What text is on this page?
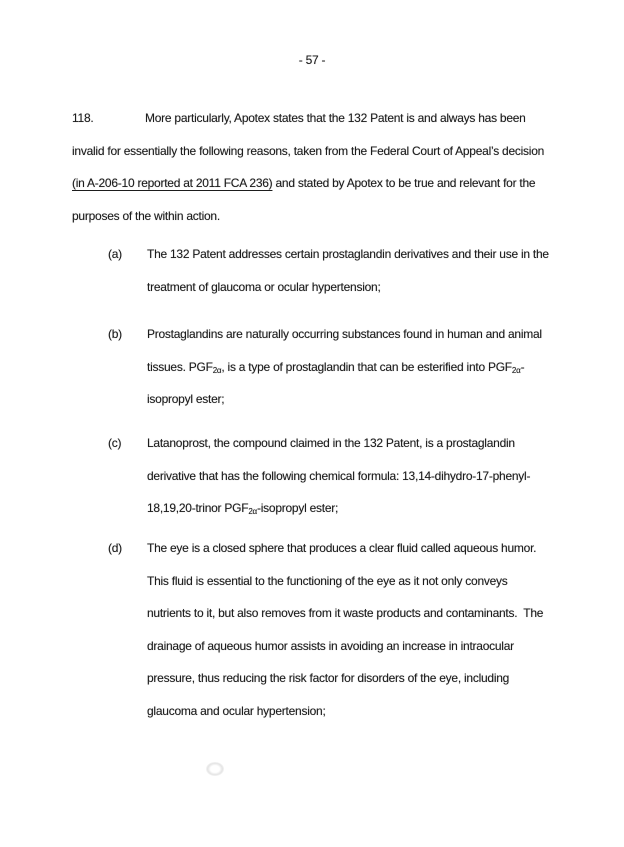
- 57 -
118.	More particularly, Apotex states that the 132 Patent is and always has been
invalid for essentially the following reasons, taken from the Federal Court of Appeal’s decision
(in A-206-10 reported at 2011 FCA 236) and stated by Apotex to be true and relevant for the
purposes of the within action.
(a) The 132 Patent addresses certain prostaglandin derivatives and their use in the
treatment of glaucoma or ocular hypertension;
(b) Prostaglandins are naturally occurring substances found in human and animal
tissues. $PGF_{2\alpha}$, is a type of prostaglandin that can be esterified into $PGF_{2\alpha}-$
isopropyl ester;
(c) Latanoprost, the compound claimed in the 132 Patent, is a prostaglandin
derivative that has the following chemical formula: 13,14-dihydro-17-phenyl-
18,19,20-trinor $PGF_{2\alpha}$-isopropyl ester;
(d) The eye is a closed sphere that produces a clear fluid called aqueous humor.
This fluid is essential to the functioning of the eye as it not only conveys
nutrients to it, but also removes from it waste products and contaminants.  The
drainage of aqueous humor assists in avoiding an increase in intraocular
pressure, thus reducing the risk factor for disorders of the eye, including
glaucoma and ocular hypertension;
